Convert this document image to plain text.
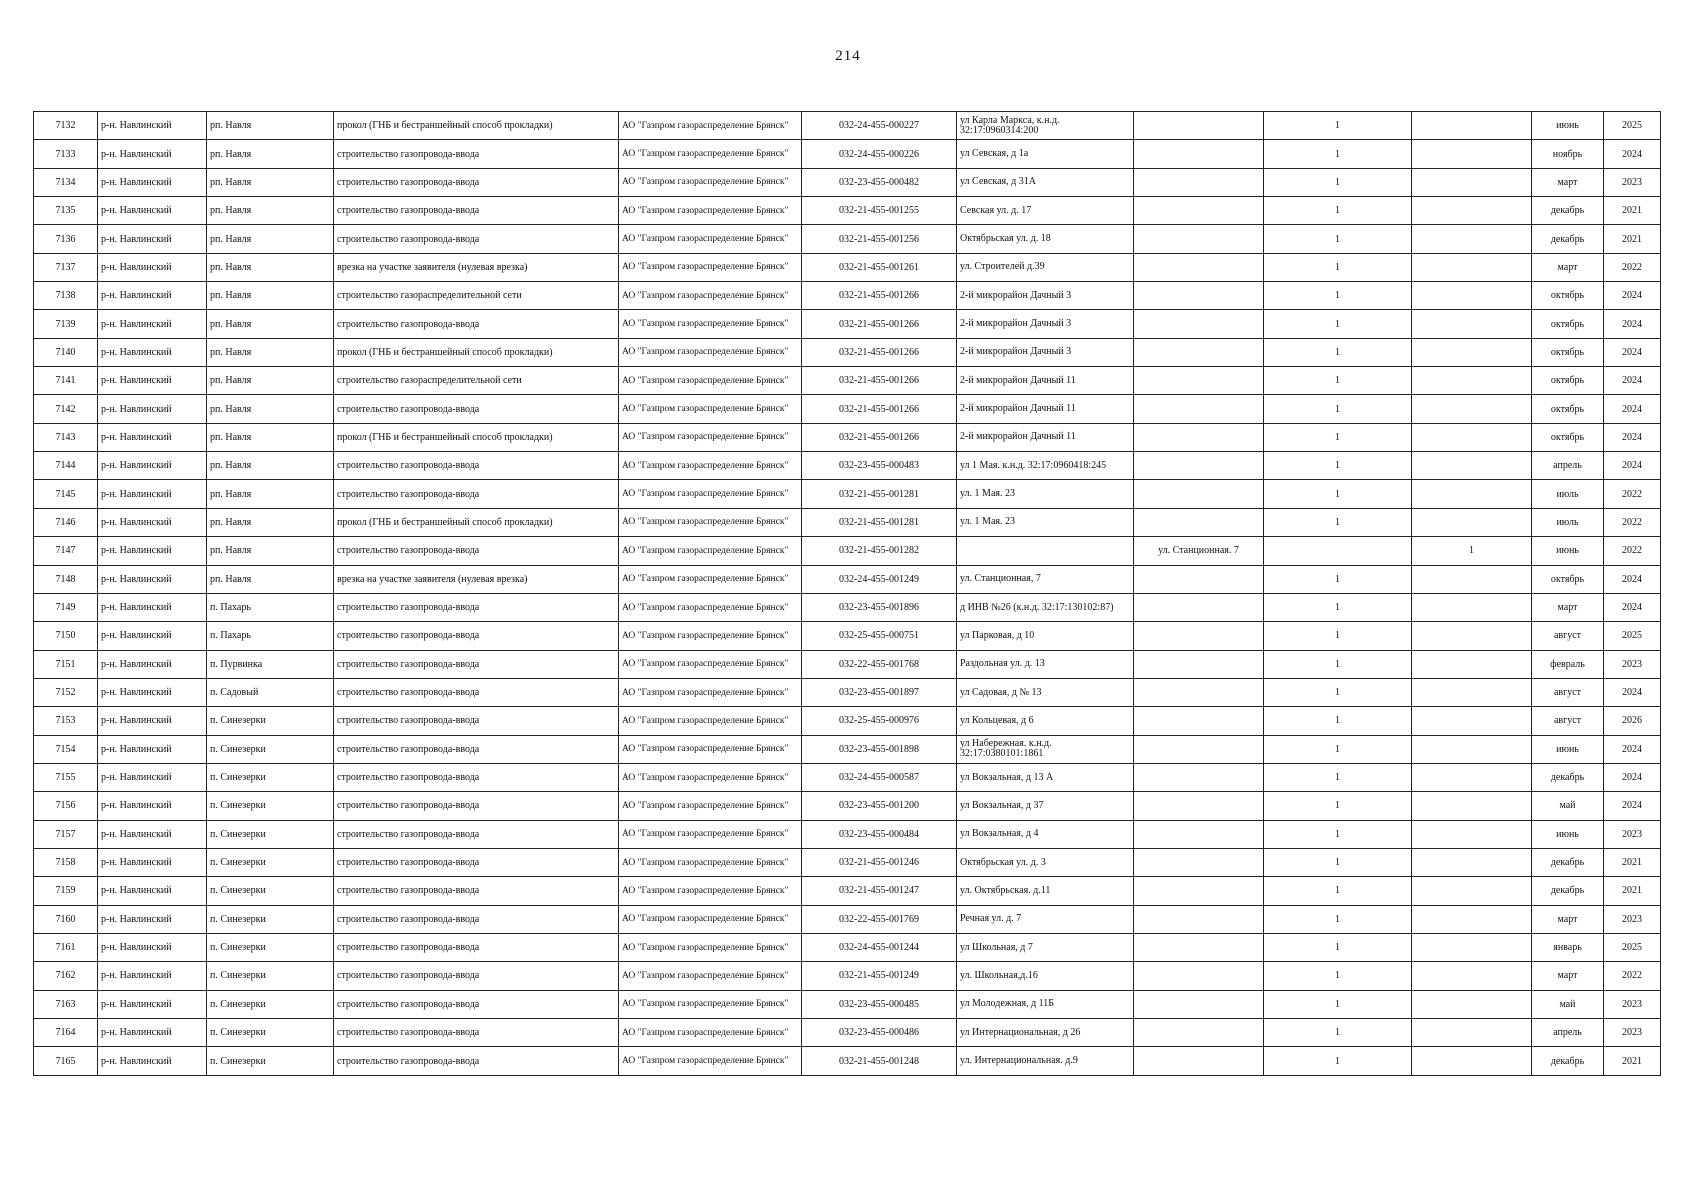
214
7132	р-н. Навлинский	рп. Навля	прокол (ГНБ и бестраншейный способ прокладки)	АО "Газпром газораспределение Брянск"	032-24-455-000227	ул Карла Маркса, к.н.д. 32:17:0960314:200		1		июнь	2025
7133	р-н. Навлинский	рп. Навля	строительство газопровода-ввода	АО "Газпром газораспределение Брянск"	032-24-455-000226	ул Севская, д 1а		1		ноябрь	2024
7134	р-н. Навлинский	рп. Навля	строительство газопровода-ввода	АО "Газпром газораспределение Брянск"	032-23-455-000482	ул Севская, д 31А		1		март	2023
7135	р-н. Навлинский	рп. Навля	строительство газопровода-ввода	АО "Газпром газораспределение Брянск"	032-21-455-001255	Севская ул. д. 17		1		декабрь	2021
7136	р-н. Навлинский	рп. Навля	строительство газопровода-ввода	АО "Газпром газораспределение Брянск"	032-21-455-001256	Октябрьская ул. д. 18		1		декабрь	2021
7137	р-н. Навлинский	рп. Навля	врезка на участке заявителя (нулевая врезка)	АО "Газпром газораспределение Брянск"	032-21-455-001261	ул. Строителей д.39		1		март	2022
7138	р-н. Навлинский	рп. Навля	строительство газораспределительной сети	АО "Газпром газораспределение Брянск"	032-21-455-001266	2-й микрорайон Дачный 3		1		октябрь	2024
7139	р-н. Навлинский	рп. Навля	строительство газопровода-ввода	АО "Газпром газораспределение Брянск"	032-21-455-001266	2-й микрорайон Дачный 3		1		октябрь	2024
7140	р-н. Навлинский	рп. Навля	прокол (ГНБ и бестраншейный способ прокладки)	АО "Газпром газораспределение Брянск"	032-21-455-001266	2-й микрорайон Дачный 3		1		октябрь	2024
7141	р-н. Навлинский	рп. Навля	строительство газораспределительной сети	АО "Газпром газораспределение Брянск"	032-21-455-001266	2-й микрорайон Дачный 11		1		октябрь	2024
7142	р-н. Навлинский	рп. Навля	строительство газопровода-ввода	АО "Газпром газораспределение Брянск"	032-21-455-001266	2-й микрорайон Дачный 11		1		октябрь	2024
7143	р-н. Навлинский	рп. Навля	прокол (ГНБ и бестраншейный способ прокладки)	АО "Газпром газораспределение Брянск"	032-21-455-001266	2-й микрорайон Дачный 11		1		октябрь	2024
7144	р-н. Навлинский	рп. Навля	строительство газопровода-ввода	АО "Газпром газораспределение Брянск"	032-23-455-000483	ул 1 Мая. к.н.д. 32:17:0960418:245		1		апрель	2024
7145	р-н. Навлинский	рп. Навля	строительство газопровода-ввода	АО "Газпром газораспределение Брянск"	032-21-455-001281	ул. 1 Мая. 23		1		июль	2022
7146	р-н. Навлинский	рп. Навля	прокол (ГНБ и бестраншейный способ прокладки)	АО "Газпром газораспределение Брянск"	032-21-455-001281	ул. 1 Мая. 23		1		июль	2022
7147	р-н. Навлинский	рп. Навля	строительство газопровода-ввода	АО "Газпром газораспределение Брянск"	032-21-455-001282		ул. Станционная. 7		1	июнь	2022
7148	р-н. Навлинский	рп. Навля	врезка на участке заявителя (нулевая врезка)	АО "Газпром газораспределение Брянск"	032-24-455-001249	ул. Станционная, 7		1		октябрь	2024
7149	р-н. Навлинский	п. Пахарь	строительство газопровода-ввода	АО "Газпром газораспределение Брянск"	032-23-455-001896	д ИНВ №26 (к.н.д. 32:17:130102:87)		1		март	2024
7150	р-н. Навлинский	п. Пахарь	строительство газопровода-ввода	АО "Газпром газораспределение Брянск"	032-25-455-000751	ул Парковая, д 10		1		август	2025
7151	р-н. Навлинский	п. Пурвинка	строительство газопровода-ввода	АО "Газпром газораспределение Брянск"	032-22-455-001768	Раздольная ул. д. 13		1		февраль	2023
7152	р-н. Навлинский	п. Садовый	строительство газопровода-ввода	АО "Газпром газораспределение Брянск"	032-23-455-001897	ул Садовая, д № 13		1		август	2024
7153	р-н. Навлинский	п. Синезерки	строительство газопровода-ввода	АО "Газпром газораспределение Брянск"	032-25-455-000976	ул Кольцевая, д 6		1		август	2026
7154	р-н. Навлинский	п. Синезерки	строительство газопровода-ввода	АО "Газпром газораспределение Брянск"	032-23-455-001898	ул Набережная. к.н.д. 32:17:0380101:1861		1		июнь	2024
7155	р-н. Навлинский	п. Синезерки	строительство газопровода-ввода	АО "Газпром газораспределение Брянск"	032-24-455-000587	ул Вокзальная, д 13 А		1		декабрь	2024
7156	р-н. Навлинский	п. Синезерки	строительство газопровода-ввода	АО "Газпром газораспределение Брянск"	032-23-455-001200	ул Вокзальная, д 37		1		май	2024
7157	р-н. Навлинский	п. Синезерки	строительство газопровода-ввода	АО "Газпром газораспределение Брянск"	032-23-455-000484	ул Вокзальная, д 4		1		июнь	2023
7158	р-н. Навлинский	п. Синезерки	строительство газопровода-ввода	АО "Газпром газораспределение Брянск"	032-21-455-001246	Октябрьская ул. д. 3		1		декабрь	2021
7159	р-н. Навлинский	п. Синезерки	строительство газопровода-ввода	АО "Газпром газораспределение Брянск"	032-21-455-001247	ул. Октябрьская. д.11		1		декабрь	2021
7160	р-н. Навлинский	п. Синезерки	строительство газопровода-ввода	АО "Газпром газораспределение Брянск"	032-22-455-001769	Речная ул. д. 7		1		март	2023
7161	р-н. Навлинский	п. Синезерки	строительство газопровода-ввода	АО "Газпром газораспределение Брянск"	032-24-455-001244	ул Школьная, д 7		1		январь	2025
7162	р-н. Навлинский	п. Синезерки	строительство газопровода-ввода	АО "Газпром газораспределение Брянск"	032-21-455-001249	ул. Школьная,д.16		1		март	2022
7163	р-н. Навлинский	п. Синезерки	строительство газопровода-ввода	АО "Газпром газораспределение Брянск"	032-23-455-000485	ул Молодежная, д 11Б		1		май	2023
7164	р-н. Навлинский	п. Синезерки	строительство газопровода-ввода	АО "Газпром газораспределение Брянск"	032-23-455-000486	ул Интернациональная, д 26		1		апрель	2023
7165	р-н. Навлинский	п. Синезерки	строительство газопровода-ввода	АО "Газпром газораспределение Брянск"	032-21-455-001248	ул. Интернациональная. д.9		1		декабрь	2021
